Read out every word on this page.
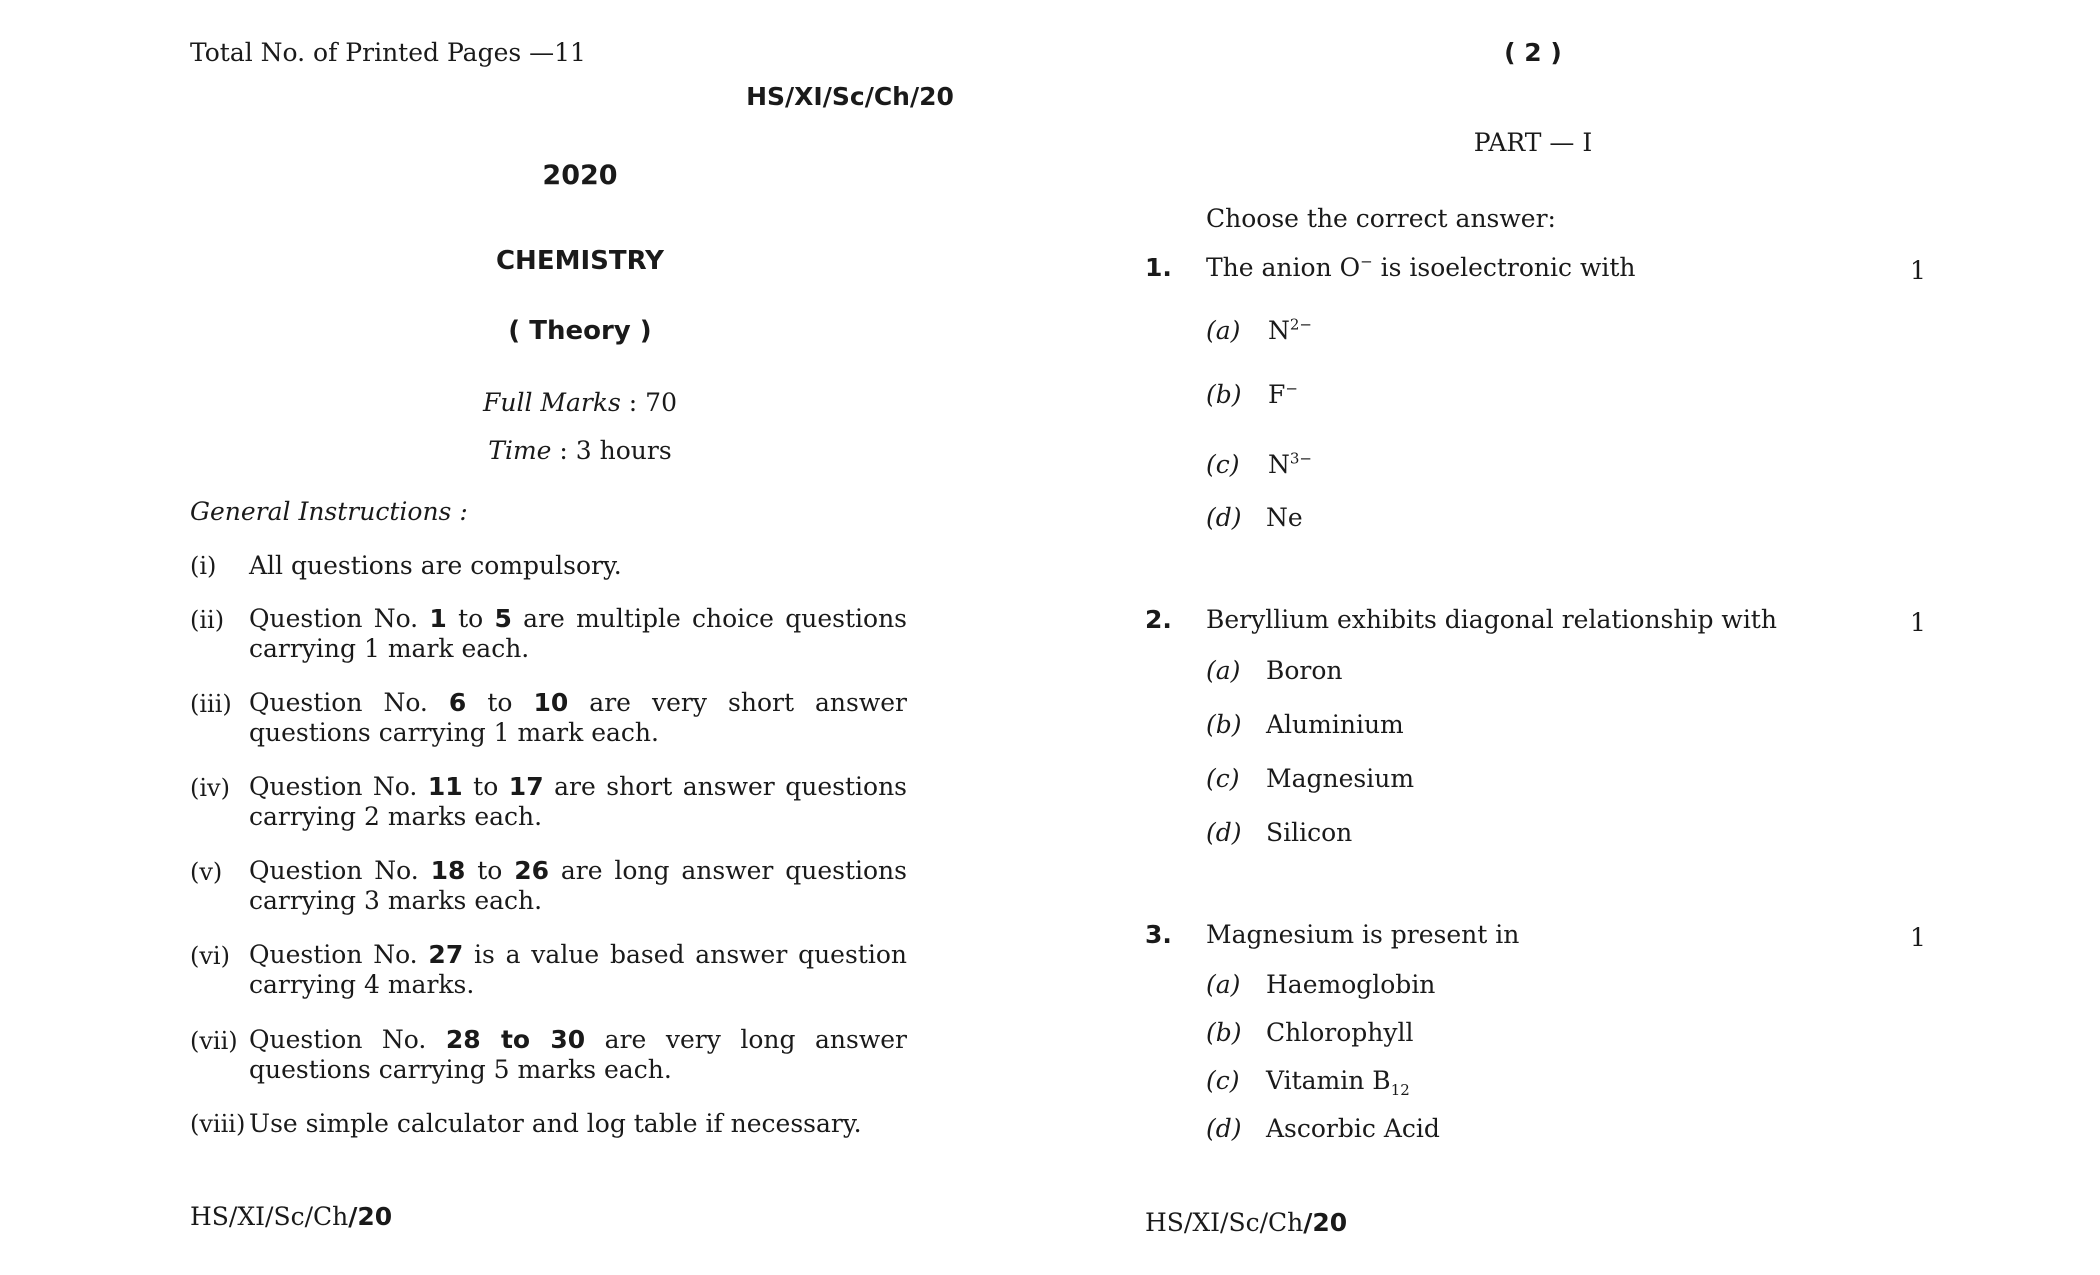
Total No. of Printed Pages —11
HS/XI/Sc/Ch/20
2020
CHEMISTRY
( Theory )
Full Marks : 70
Time : 3 hours
General Instructions :
(i) All questions are compulsory.
(ii) Question No. 1 to 5 are multiple choice questions carrying 1 mark each.
(iii) Question No. 6 to 10 are very short answer questions carrying 1 mark each.
(iv) Question No. 11 to 17 are short answer questions carrying 2 marks each.
(v) Question No. 18 to 26 are long answer questions carrying 3 marks each.
(vi) Question No. 27 is a value based answer question carrying 4 marks.
(vii) Question No. 28 to 30 are very long answer questions carrying 5 marks each.
(viii) Use simple calculator and log table if necessary.
HS/XI/Sc/Ch/20
( 2 )
PART — I
Choose the correct answer:
1. The anion O− is isoelectronic with	1
(a) $N^{2-}$
(b) F−
(c) $N^{3-}$
(d) Ne
2. Beryllium exhibits diagonal relationship with	1
(a) Boron
(b) Aluminium
(c) Magnesium
(d) Silicon
3. Magnesium is present in	1
(a) Haemoglobin
(b) Chlorophyll
(c) Vitamin $B_{12}$
(d) Ascorbic Acid
HS/XI/Sc/Ch/20
